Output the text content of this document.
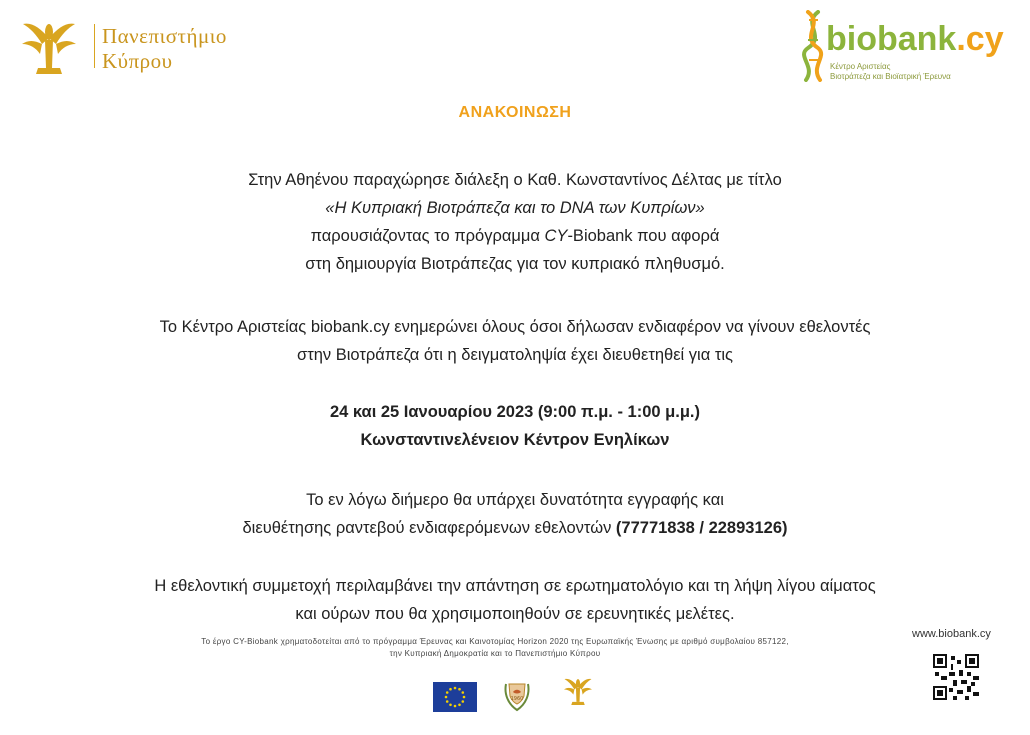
Πανεπιστήμιο
Κύπρου
biobank.cy
Κέντρο Αριστείας
Βιοτράπεζα και Βιοϊατρική Έρευνα
ΑΝΑΚΟΙΝΩΣΗ
Στην Αθηένου παραχώρησε διάλεξη ο Καθ. Κωνσταντίνος Δέλτας με τίτλο
«Η Κυπριακή Βιοτράπεζα και το DNA των Κυπρίων»
παρουσιάζοντας το πρόγραμμα CY-Biobank που αφορά
στη δημιουργία Βιοτράπεζας για τον κυπριακό πληθυσμό.
Το Κέντρο Αριστείας biobank.cy ενημερώνει όλους όσοι δήλωσαν ενδιαφέρον να γίνουν εθελοντές
στην Βιοτράπεζα ότι η δειγματοληψία έχει διευθετηθεί για τις
24 και 25 Ιανουαρίου 2023 (9:00 π.μ. - 1:00 μ.μ.)
Κωνσταντινελένειον Κέντρον Ενηλίκων
Το εν λόγω διήμερο θα υπάρχει δυνατότητα εγγραφής και
διευθέτησης ραντεβού ενδιαφερόμενων εθελοντών (77771838 / 22893126)
Η εθελοντική συμμετοχή περιλαμβάνει την απάντηση σε ερωτηματολόγιο και τη λήψη λίγου αίματος
και ούρων που θα χρησιμοποιηθούν σε ερευνητικές μελέτες.
Το έργο CY-Biobank χρηματοδοτείται από το πρόγραμμα Έρευνας και Καινοτομίας Horizon 2020 της Ευρωπαϊκής Ένωσης με αριθμό συμβολαίου 857122,
την Κυπριακή Δημοκρατία και το Πανεπιστήμιο Κύπρου
www.biobank.cy
1960
